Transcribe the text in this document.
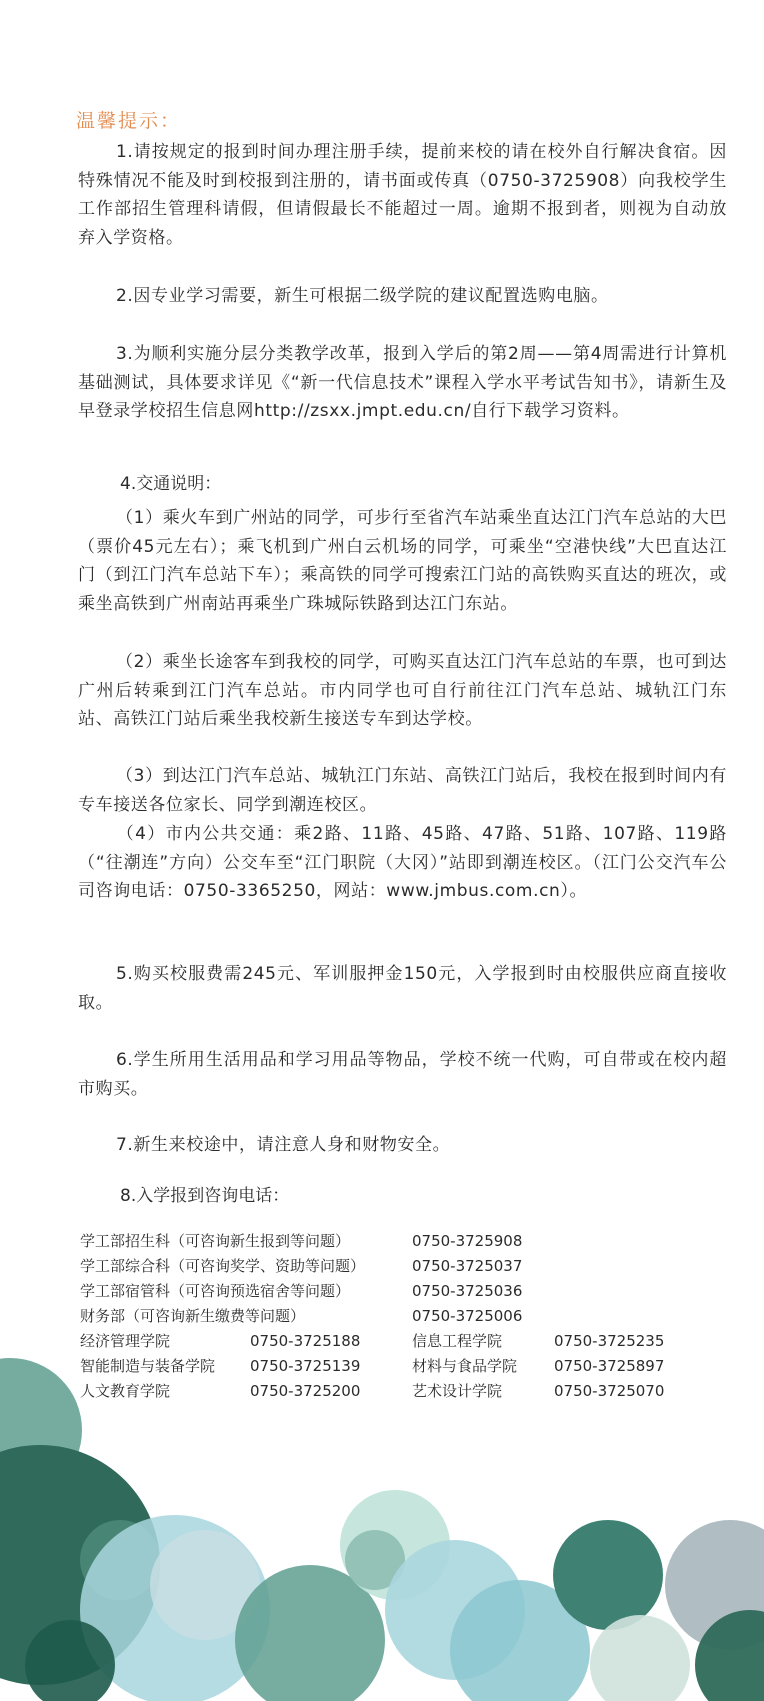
温馨提示：
1.请按规定的报到时间办理注册手续，提前来校的请在校外自行解决食宿。因特殊情况不能及时到校报到注册的，请书面或传真（0750-3725908）向我校学生工作部招生管理科请假，但请假最长不能超过一周。逾期不报到者，则视为自动放弃入学资格。
2.因专业学习需要，新生可根据二级学院的建议配置选购电脑。
3.为顺利实施分层分类教学改革，报到入学后的第2周——第4周需进行计算机基础测试，具体要求详见《“新一代信息技术”课程入学水平考试告知书》，请新生及早登录学校招生信息网http://zsxx.jmpt.edu.cn/自行下载学习资料。
4.交通说明：
（1）乘火车到广州站的同学，可步行至省汽车站乘坐直达江门汽车总站的大巴（票价45元左右）；乘飞机到广州白云机场的同学，可乘坐“空港快线”大巴直达江门（到江门汽车总站下车）；乘高铁的同学可搜索江门站的高铁购买直达的班次，或乘坐高铁到广州南站再乘坐广珠城际铁路到达江门东站。
（2）乘坐长途客车到我校的同学，可购买直达江门汽车总站的车票，也可到达广州后转乘到江门汽车总站。市内同学也可自行前往江门汽车总站、城轨江门东站、高铁江门站后乘坐我校新生接送专车到达学校。
（3）到达江门汽车总站、城轨江门东站、高铁江门站后，我校在报到时间内有专车接送各位家长、同学到潮连校区。
（4）市内公共交通：乘2路、11路、45路、47路、51路、107路、119路（“往潮连”方向）公交车至“江门职院（大冈）”站即到潮连校区。（江门公交汽车公司咨询电话：0750-3365250，网站：www.jmbus.com.cn）。
5.购买校服费需245元、军训服押金150元，入学报到时由校服供应商直接收取。
6.学生所用生活用品和学习用品等物品，学校不统一代购，可自带或在校内超市购买。
7.新生来校途中，请注意人身和财物安全。
8.入学报到咨询电话：
学工部招生科（可咨询新生报到等问题）	0750-3725908
学工部综合科（可咨询奖学、资助等问题）	0750-3725037
学工部宿管科（可咨询预选宿舍等问题）	0750-3725036
财务部（可咨询新生缴费等问题）	0750-3725006
经济管理学院	0750-3725188	信息工程学院	0750-3725235
智能制造与装备学院	0750-3725139	材料与食品学院	0750-3725897
人文教育学院	0750-3725200	艺术设计学院	0750-3725070
